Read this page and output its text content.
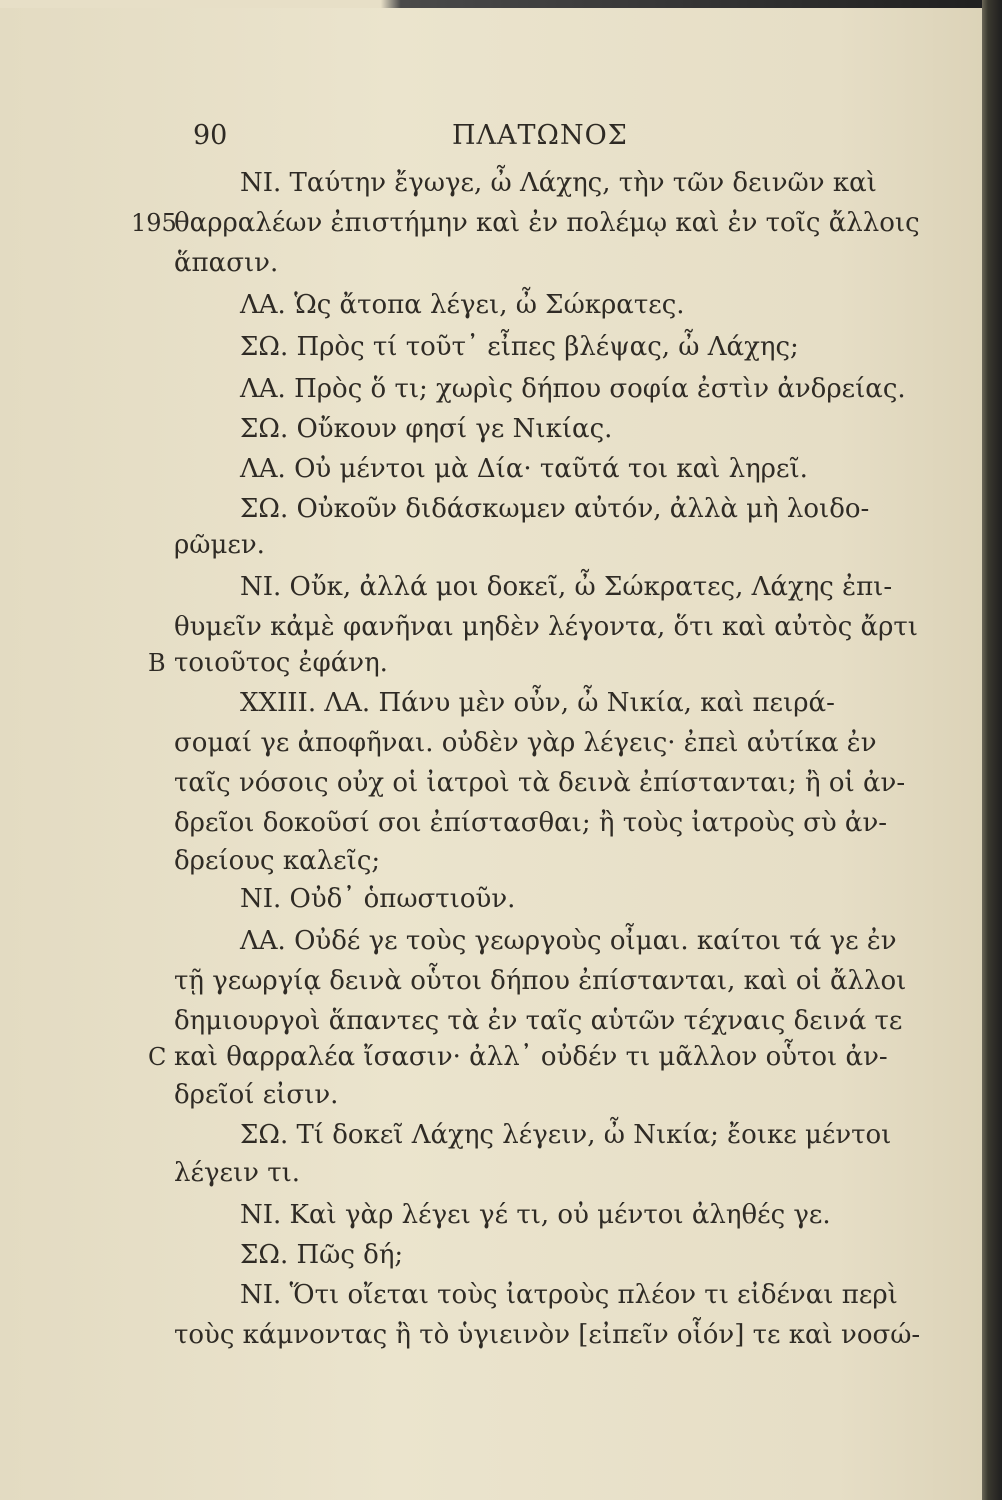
90	ΠΛΑΤΩΝΟΣ
ΝΙ. Ταύτην ἔγωγε, ὦ Λάχης, τὴν τῶν δεινῶν καὶ
195
θαρραλέων ἐπιστήμην καὶ ἐν πολέμῳ καὶ ἐν τοῖς ἄλλοις
ἅπασιν.
ΛΑ. Ὡς ἄτοπα λέγει, ὦ Σώκρατες.
ΣΩ. Πρὸς τί τοῦτ᾽ εἶπες βλέψας, ὦ Λάχης;
ΛΑ. Πρὸς ὅ τι; χωρὶς δήπου σοφία ἐστὶν ἀνδρείας.
ΣΩ. Οὔκουν φησί γε Νικίας.
ΛΑ. Οὐ μέντοι μὰ Δία· ταῦτά τοι καὶ ληρεῖ.
ΣΩ. Οὐκοῦν διδάσκωμεν αὐτόν, ἀλλὰ μὴ λοιδο-
ρῶμεν.
ΝΙ. Οὔκ, ἀλλά μοι δοκεῖ, ὦ Σώκρατες, Λάχης ἐπι-
θυμεῖν κἀμὲ φανῆναι μηδὲν λέγοντα, ὅτι καὶ αὐτὸς ἄρτι
B τοιοῦτος ἐφάνη.
XXIII. ΛΑ. Πάνυ μὲν οὖν, ὦ Νικία, καὶ πειρά-
σομαί γε ἀποφῆναι. οὐδὲν γὰρ λέγεις· ἐπεὶ αὐτίκα ἐν
ταῖς νόσοις οὐχ οἱ ἰατροὶ τὰ δεινὰ ἐπίστανται; ἢ οἱ ἀν-
δρεῖοι δοκοῦσί σοι ἐπίστασθαι; ἢ τοὺς ἰατροὺς σὺ ἀν-
δρείους καλεῖς;
ΝΙ. Οὐδ᾽ ὁπωστιοῦν.
ΛΑ. Οὐδέ γε τοὺς γεωργοὺς οἶμαι. καίτοι τά γε ἐν
τῇ γεωργίᾳ δεινὰ οὗτοι δήπου ἐπίστανται, καὶ οἱ ἄλλοι
δημιουργοὶ ἅπαντες τὰ ἐν ταῖς αὑτῶν τέχναις δεινά τε
C καὶ θαρραλέα ἴσασιν· ἀλλ᾽ οὐδέν τι μᾶλλον οὗτοι ἀν-
δρεῖοί εἰσιν.
ΣΩ. Τί δοκεῖ Λάχης λέγειν, ὦ Νικία; ἔοικε μέντοι
λέγειν τι.
ΝΙ. Καὶ γὰρ λέγει γέ τι, οὐ μέντοι ἀληθές γε.
ΣΩ. Πῶς δή;
ΝΙ. Ὅτι οἴεται τοὺς ἰατροὺς πλέον τι εἰδέναι περὶ
τοὺς κάμνοντας ἢ τὸ ὑγιεινὸν [εἰπεῖν οἷόν] τε καὶ νοσώ-
